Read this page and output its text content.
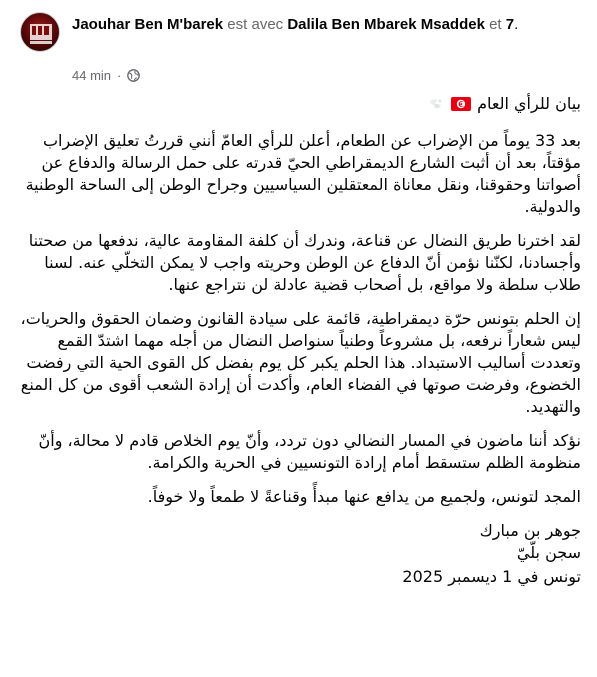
Jaouhar Ben M'barek est avec Dalila Ben Mbarek Msaddek et 7.
44 min ·
بيان للرأي العام
بعد 33 يوماً من الإضراب عن الطعام، أعلن للرأي العامّ أنني قررتُ تعليق الإضراب مؤقتاً، بعد أن أثبت الشارع الديمقراطي الحيّ قدرته على حمل الرسالة والدفاع عن أصواتنا وحقوقنا، ونقل معاناة المعتقلين السياسيين وجراح الوطن إلى الساحة الوطنية والدولية.
لقد اخترنا طريق النضال عن قناعة، وندرك أن كلفة المقاومة عالية، ندفعها من صحتنا وأجسادنا، لكنّنا نؤمن أنّ الدفاع عن الوطن وحريته واجب لا يمكن التخلّي عنه. لسنا طلاب سلطة ولا مواقع، بل أصحاب قضية عادلة لن نتراجع عنها.
إن الحلم بتونس حرّة ديمقراطية، قائمة على سيادة القانون وضمان الحقوق والحريات، ليس شعاراً نرفعه، بل مشروعاً وطنياً سنواصل النضال من أجله مهما اشتدّ القمع وتعددت أساليب الاستبداد. هذا الحلم يكبر كل يوم بفضل كل القوى الحية التي رفضت الخضوع، وفرضت صوتها في الفضاء العام، وأكدت أن إرادة الشعب أقوى من كل المنع والتهديد.
نؤكد أننا ماضون في المسار النضالي دون تردد، وأنّ يوم الخلاص قادم لا محالة، وأنّ منظومة الظلم ستسقط أمام إرادة التونسيين في الحرية والكرامة.
المجد لتونس، ولجميع من يدافع عنها مبدأً وقناعةً لا طمعاً ولا خوفاً.
جوهر بن مبارك
سجن بلّيّ
تونس في 1 ديسمبر 2025
